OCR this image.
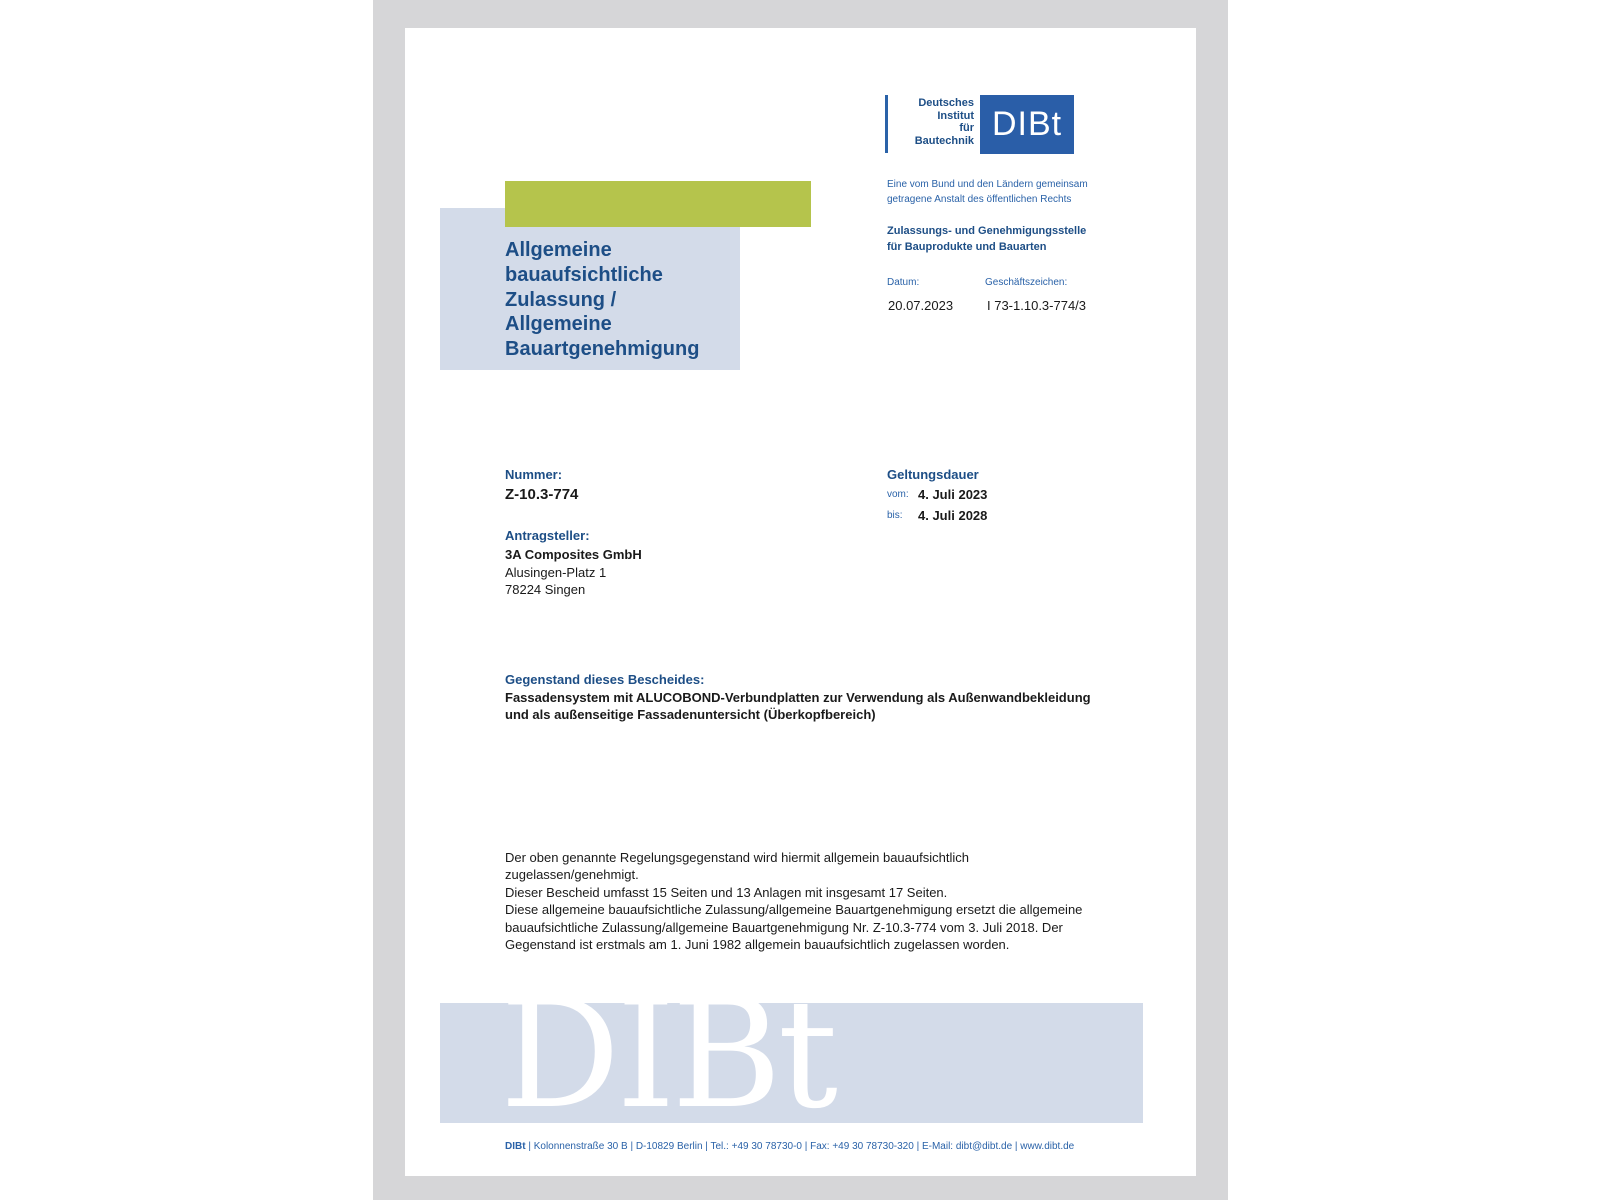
Deutsches
Institut
für
Bautechnik DIBt
Eine vom Bund und den Ländern gemeinsam
getragene Anstalt des öffentlichen Rechts
Zulassungs- und Genehmigungsstelle
für Bauprodukte und Bauarten
Datum:
20.07.2023
Geschäftszeichen:
I 73-1.10.3-774/3
Allgemeine
bauaufsichtliche
Zulassung /
Allgemeine
Bauartgenehmigung
Nummer:
Z-10.3-774
Geltungsdauer
vom: 4. Juli 2023
bis: 4. Juli 2028
Antragsteller:
3A Composites GmbH
Alusingen-Platz 1
78224 Singen
Gegenstand dieses Bescheides:
Fassadensystem mit ALUCOBOND-Verbundplatten zur Verwendung als Außenwandbekleidung
und als außenseitige Fassadenuntersicht (Überkopfbereich)
Der oben genannte Regelungsgegenstand wird hiermit allgemein bauaufsichtlich
zugelassen/genehmigt.
Dieser Bescheid umfasst 15 Seiten und 13 Anlagen mit insgesamt 17 Seiten.
Diese allgemeine bauaufsichtliche Zulassung/allgemeine Bauartgenehmigung ersetzt die allgemeine
bauaufsichtliche Zulassung/allgemeine Bauartgenehmigung Nr. Z-10.3-774 vom 3. Juli 2018. Der
Gegenstand ist erstmals am 1. Juni 1982 allgemein bauaufsichtlich zugelassen worden.
DIBt
DIBt | Kolonnenstraße 30 B | D-10829 Berlin | Tel.: +49 30 78730-0 | Fax: +49 30 78730-320 | E-Mail: dibt@dibt.de | www.dibt.de
